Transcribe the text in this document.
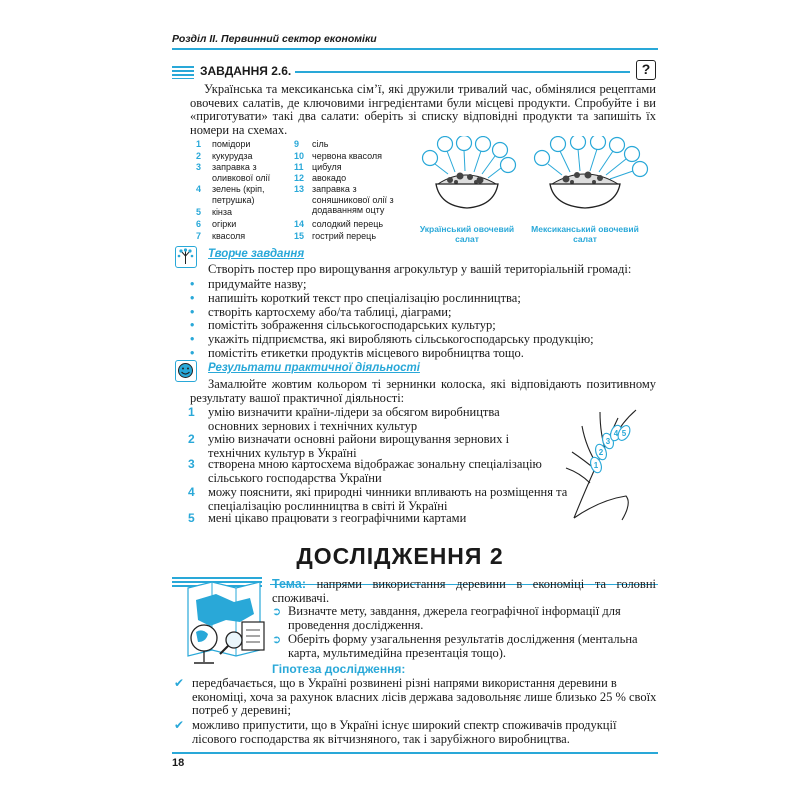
Розділ ІІ. Первинний сектор економіки
ЗАВДАННЯ 2.6.	?
Українська та мексиканська сім’ї, які дружили тривалий час, обмінялися рецептами овочевих салатів, де ключовими інгредієнтами були місцеві продукти. Спробуйте і ви «приготувати» такі два салати: оберіть зі списку відповідні продукти та запишіть їх номери на схемах.
1	помідори
2	кукурудза
3	заправка з оливкової олії
4	зелень (кріп, петрушка)
5	кінза
6	огірки
7	квасоля
9	сіль
10 червона квасоля
11 цибуля
12 авокадо
13 заправка з соняшникової олії з додаванням оцту
14 солодкий перець
15 гострий перець
Український овочевий салат
Мексиканський овочевий салат
Творче завдання
Створіть постер про вирощування агрокультур у вашій територіальній громаді:
• придумайте назву;
• напишіть короткий текст про спеціалізацію рослинництва;
• створіть картосхему або/та таблиці, діаграми;
• помістіть зображення сільськогосподарських культур;
• укажіть підприємства, які виробляють сільськогосподарську продукцію;
• помістіть етикетки продуктів місцевого виробництва тощо.
Результати практичної діяльності
Замалюйте жовтим кольором ті зернинки колоска, які відповідають позитивному результату вашої практичної діяльності:
1 умію визначити країни-лідери за обсягом виробництва основних зернових і технічних культур
2 умію визначати основні райони вирощування зернових і технічних культур в Україні
3 створена мною картосхема відображає зональну спеціалізацію сільського господарства України
4 можу пояснити, які природні чинники впливають на розміщення та спеціалізацію рослинництва в світі й Україні
5 мені цікаво працювати з географічними картами
1
2
3
4 5
ДОСЛІДЖЕННЯ 2
Тема: напрями використання деревини в економіці та головні споживачі.
➲ Визначте мету, завдання, джерела географічної інформації для проведення дослідження.
➲ Оберіть форму узагальнення результатів дослідження (ментальна карта, мультимедійна презентація тощо).
Гіпотеза дослідження:
✔ передбачається, що в Україні розвинені різні напрями використання деревини в економіці, хоча за рахунок власних лісів держава задовольняє лише близько 25 % своїх потреб у деревині;
✔ можливо припустити, що в Україні існує широкий спектр споживачів продукції лісового господарства як вітчизняного, так і зарубіжного виробництва.
18
